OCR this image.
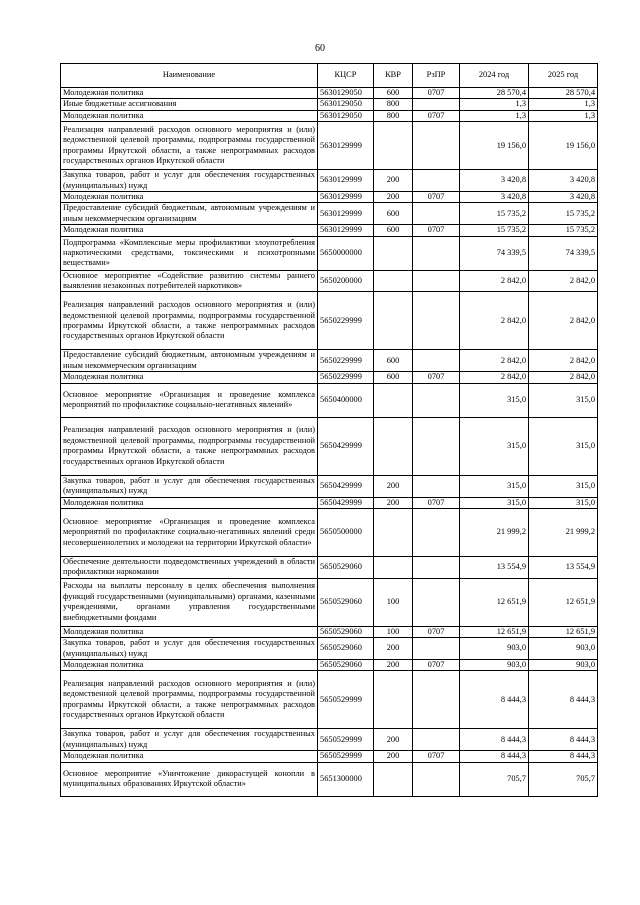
60
Наименование	КЦСР	КВР	РзПР	2024 год	2025 год
Молодежная политика	5630129050	600	0707	28 570,4	28 570,4
Иные бюджетные ассигнования	5630129050	800		1,3	1,3
Молодежная политика	5630129050	800	0707	1,3	1,3
Реализация направлений расходов основного мероприятия и (или) ведомственной целевой программы, подпрограммы государственной программы Иркутской области, а также непрограммных расходов государственных органов Иркутской области	5630129999			19 156,0	19 156,0
Закупка товаров, работ и услуг для обеспечения государственных (муниципальных) нужд	5630129999	200		3 420,8	3 420,8
Молодежная политика	5630129999	200	0707	3 420,8	3 420,8
Предоставление субсидий бюджетным, автономным учреждениям и иным некоммерческим организациям	5630129999	600		15 735,2	15 735,2
Молодежная политика	5630129999	600	0707	15 735,2	15 735,2
Подпрограмма «Комплексные меры профилактики злоупотребления наркотическими средствами, токсическими и психотропными веществами»	5650000000			74 339,5	74 339,5
Основное мероприятие «Содействие развитию системы раннего выявления незаконных потребителей наркотиков»	5650200000			2 842,0	2 842,0
Реализация направлений расходов основного мероприятия и (или) ведомственной целевой программы, подпрограммы государственной программы Иркутской области, а также непрограммных расходов государственных органов Иркутской области	5650229999			2 842,0	2 842,0
Предоставление субсидий бюджетным, автономным учреждениям и иным некоммерческим организациям	5650229999	600		2 842,0	2 842,0
Молодежная политика	5650229999	600	0707	2 842,0	2 842,0
Основное мероприятие «Организация и проведение комплекса мероприятий по профилактике социально-негативных явлений»	5650400000			315,0	315,0
Реализация направлений расходов основного мероприятия и (или) ведомственной целевой программы, подпрограммы государственной программы Иркутской области, а также непрограммных расходов государственных органов Иркутской области	5650429999			315,0	315,0
Закупка товаров, работ и услуг для обеспечения государственных (муниципальных) нужд	5650429999	200		315,0	315,0
Молодежная политика	5650429999	200	0707	315,0	315,0
Основное мероприятие «Организация и проведение комплекса мероприятий по профилактике социально-негативных явлений среди несовершеннолетних и молодежи на территории Иркутской области»	5650500000			21 999,2	21 999,2
Обеспечение деятельности подведомственных учреждений в области профилактики наркомании	5650529060			13 554,9	13 554,9
Расходы на выплаты персоналу в целях обеспечения выполнения функций государственными (муниципальными) органами, казенными учреждениями, органами управления государственными внебюджетными фондами	5650529060	100		12 651,9	12 651,9
Молодежная политика	5650529060	100	0707	12 651,9	12 651,9
Закупка товаров, работ и услуг для обеспечения государственных (муниципальных) нужд	5650529060	200		903,0	903,0
Молодежная политика	5650529060	200	0707	903,0	903,0
Реализация направлений расходов основного мероприятия и (или) ведомственной целевой программы, подпрограммы государственной программы Иркутской области, а также непрограммных расходов государственных органов Иркутской области	5650529999			8 444,3	8 444,3
Закупка товаров, работ и услуг для обеспечения государственных (муниципальных) нужд	5650529999	200		8 444,3	8 444,3
Молодежная политика	5650529999	200	0707	8 444,3	8 444,3
Основное мероприятие «Уничтожение дикорастущей конопли в муниципальных образованиях Иркутской области»	5651300000			705,7	705,7
